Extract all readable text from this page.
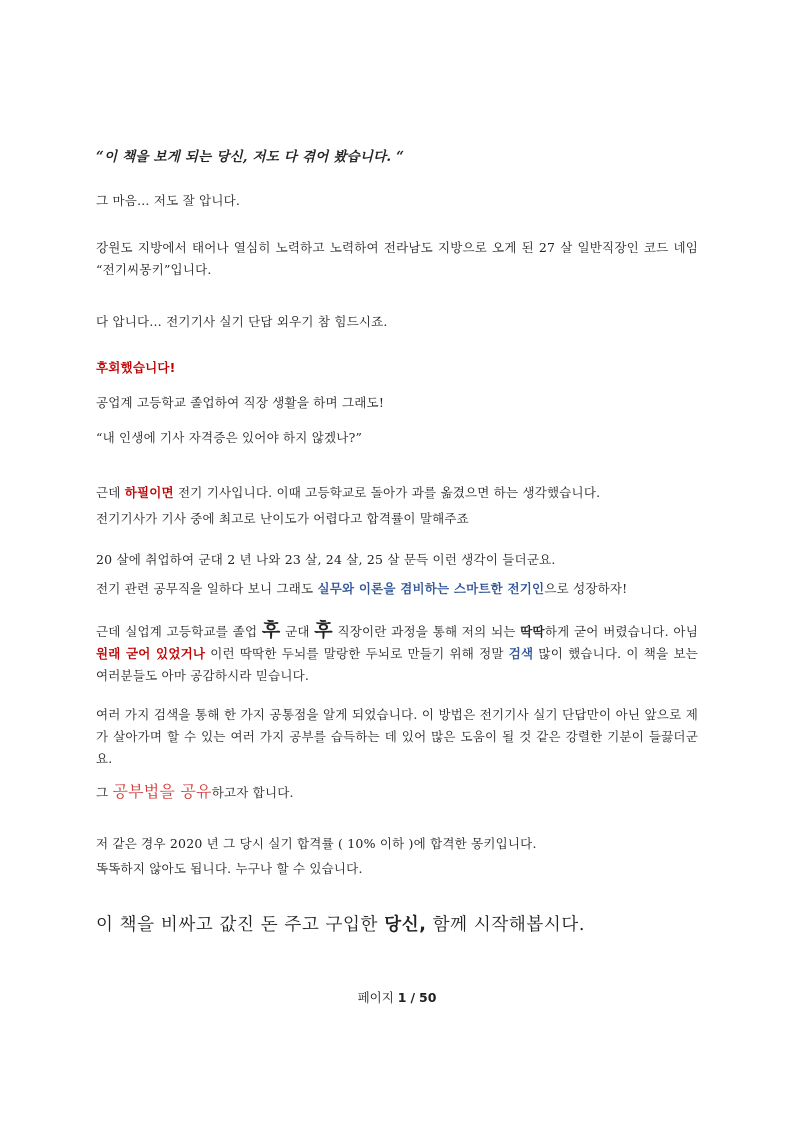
“이 책을 보게 되는 당신, 저도 다 겪어 봤습니다. “

그 마음… 저도 잘 압니다.

강원도 지방에서 태어나 열심히 노력하고 노력하여 전라남도 지방으로 오게 된 27 살 일반직장인 코드 네임 “전기씨몽키”입니다.

다 압니다… 전기기사 실기 단답 외우기 참 힘드시죠.

후회했습니다!

공업계 고등학교 졸업하여 직장 생활을 하며 그래도!

“내 인생에 기사 자격증은 있어야 하지 않겠나?”

근데 하필이면 전기 기사입니다. 이때 고등학교로 돌아가 과를 옮겼으면 하는 생각했습니다.

전기기사가 기사 중에 최고로 난이도가 어렵다고 합격률이 말해주죠

20 살에 취업하여 군대 2 년 나와 23 살, 24 살, 25 살 문득 이런 생각이 들더군요.

전기 관련 공무직을 일하다 보니 그래도 실무와 이론을 겸비하는 스마트한 전기인으로 성장하자!

근데 실업계 고등학교를 졸업 후 군대 후 직장이란 과정을 통해 저의 뇌는 딱딱하게 굳어 버렸습니다. 아님 원래 굳어 있었거나 이런 딱딱한 두뇌를 말랑한 두뇌로 만들기 위해 정말 검색 많이 했습니다. 이 책을 보는 여러분들도 아마 공감하시라 믿습니다.

여러 가지 검색을 통해 한 가지 공통점을 알게 되었습니다. 이 방법은 전기기사 실기 단답만이 아닌 앞으로 제가 살아가며 할 수 있는 여러 가지 공부를 습득하는 데 있어 많은 도움이 될 것 같은 강렬한 기분이 들끓더군요.

그 공부법을 공유하고자 합니다.

저 같은 경우 2020 년 그 당시 실기 합격률 ( 10% 이하 )에 합격한 몽키입니다.

똑똑하지 않아도 됩니다. 누구나 할 수 있습니다.

이 책을 비싸고 값진 돈 주고 구입한 당신, 함께 시작해봅시다.

페이지 1 / 50
